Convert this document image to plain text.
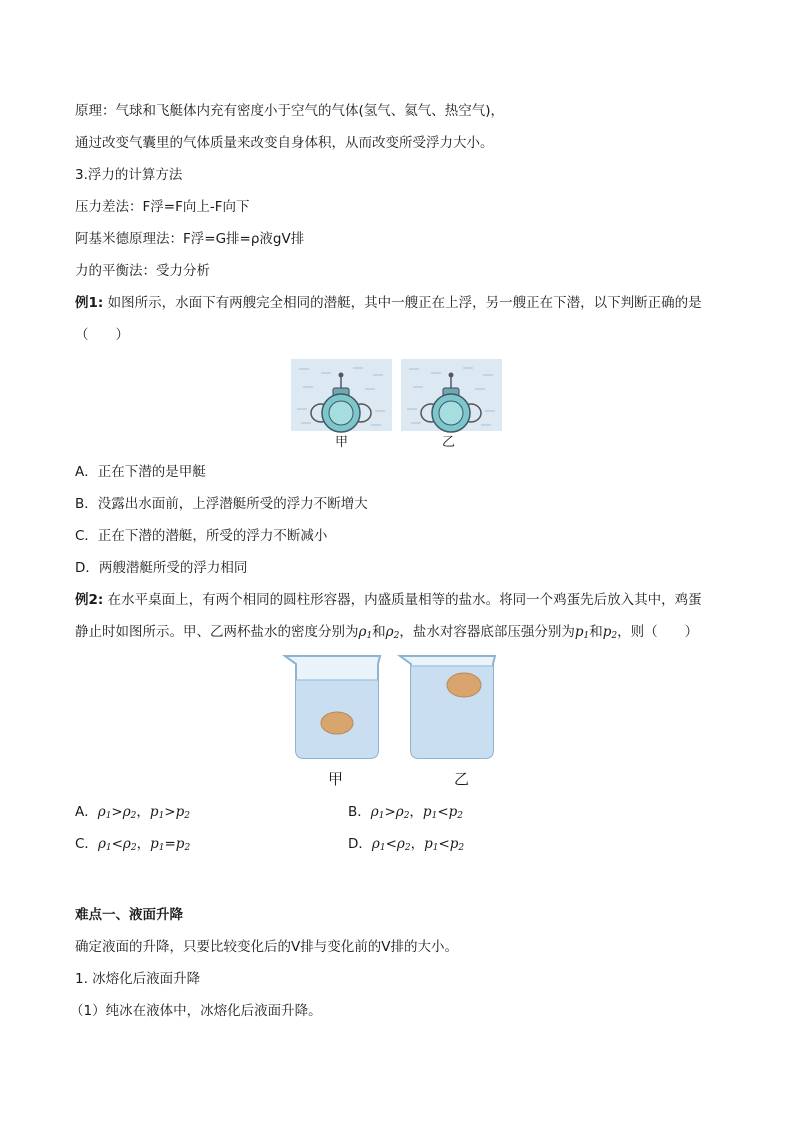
原理：气球和飞艇体内充有密度小于空气的气体(氢气、氦气、热空气)，
通过改变气囊里的气体质量来改变自身体积，从而改变所受浮力大小。
3.浮力的计算方法
压力差法：F浮=F向上-F向下
阿基米德原理法：F浮=G排=ρ液gV排
力的平衡法：受力分析
例1: 如图所示，水面下有两艘完全相同的潜艇，其中一艘正在上浮，另一艘正在下潜，以下判断正确的是
（　　）
甲	乙
A．正在下潜的是甲艇
B．没露出水面前，上浮潜艇所受的浮力不断增大
C．正在下潜的潜艇，所受的浮力不断减小
D．两艘潜艇所受的浮力相同
例2: 在水平桌面上，有两个相同的圆柱形容器，内盛质量相等的盐水。将同一个鸡蛋先后放入其中，鸡蛋
静止时如图所示。甲、乙两杯盐水的密度分别为$\rho_1$和$\rho_2$，盐水对容器底部压强分别为$p_1$和$p_2$，则（　　）
甲	乙
A．$\rho_1>\rho_2$，$p_1>p_2$	B．$\rho_1>\rho_2$，$p_1<p_2$
C．$\rho_1<\rho_2$，$p_1=p_2$	D．$\rho_1<\rho_2$，$p_1<p_2$
难点一、液面升降
确定液面的升降，只要比较变化后的V排与变化前的V排的大小。
1. 冰熔化后液面升降
（1）纯冰在液体中，冰熔化后液面升降。
